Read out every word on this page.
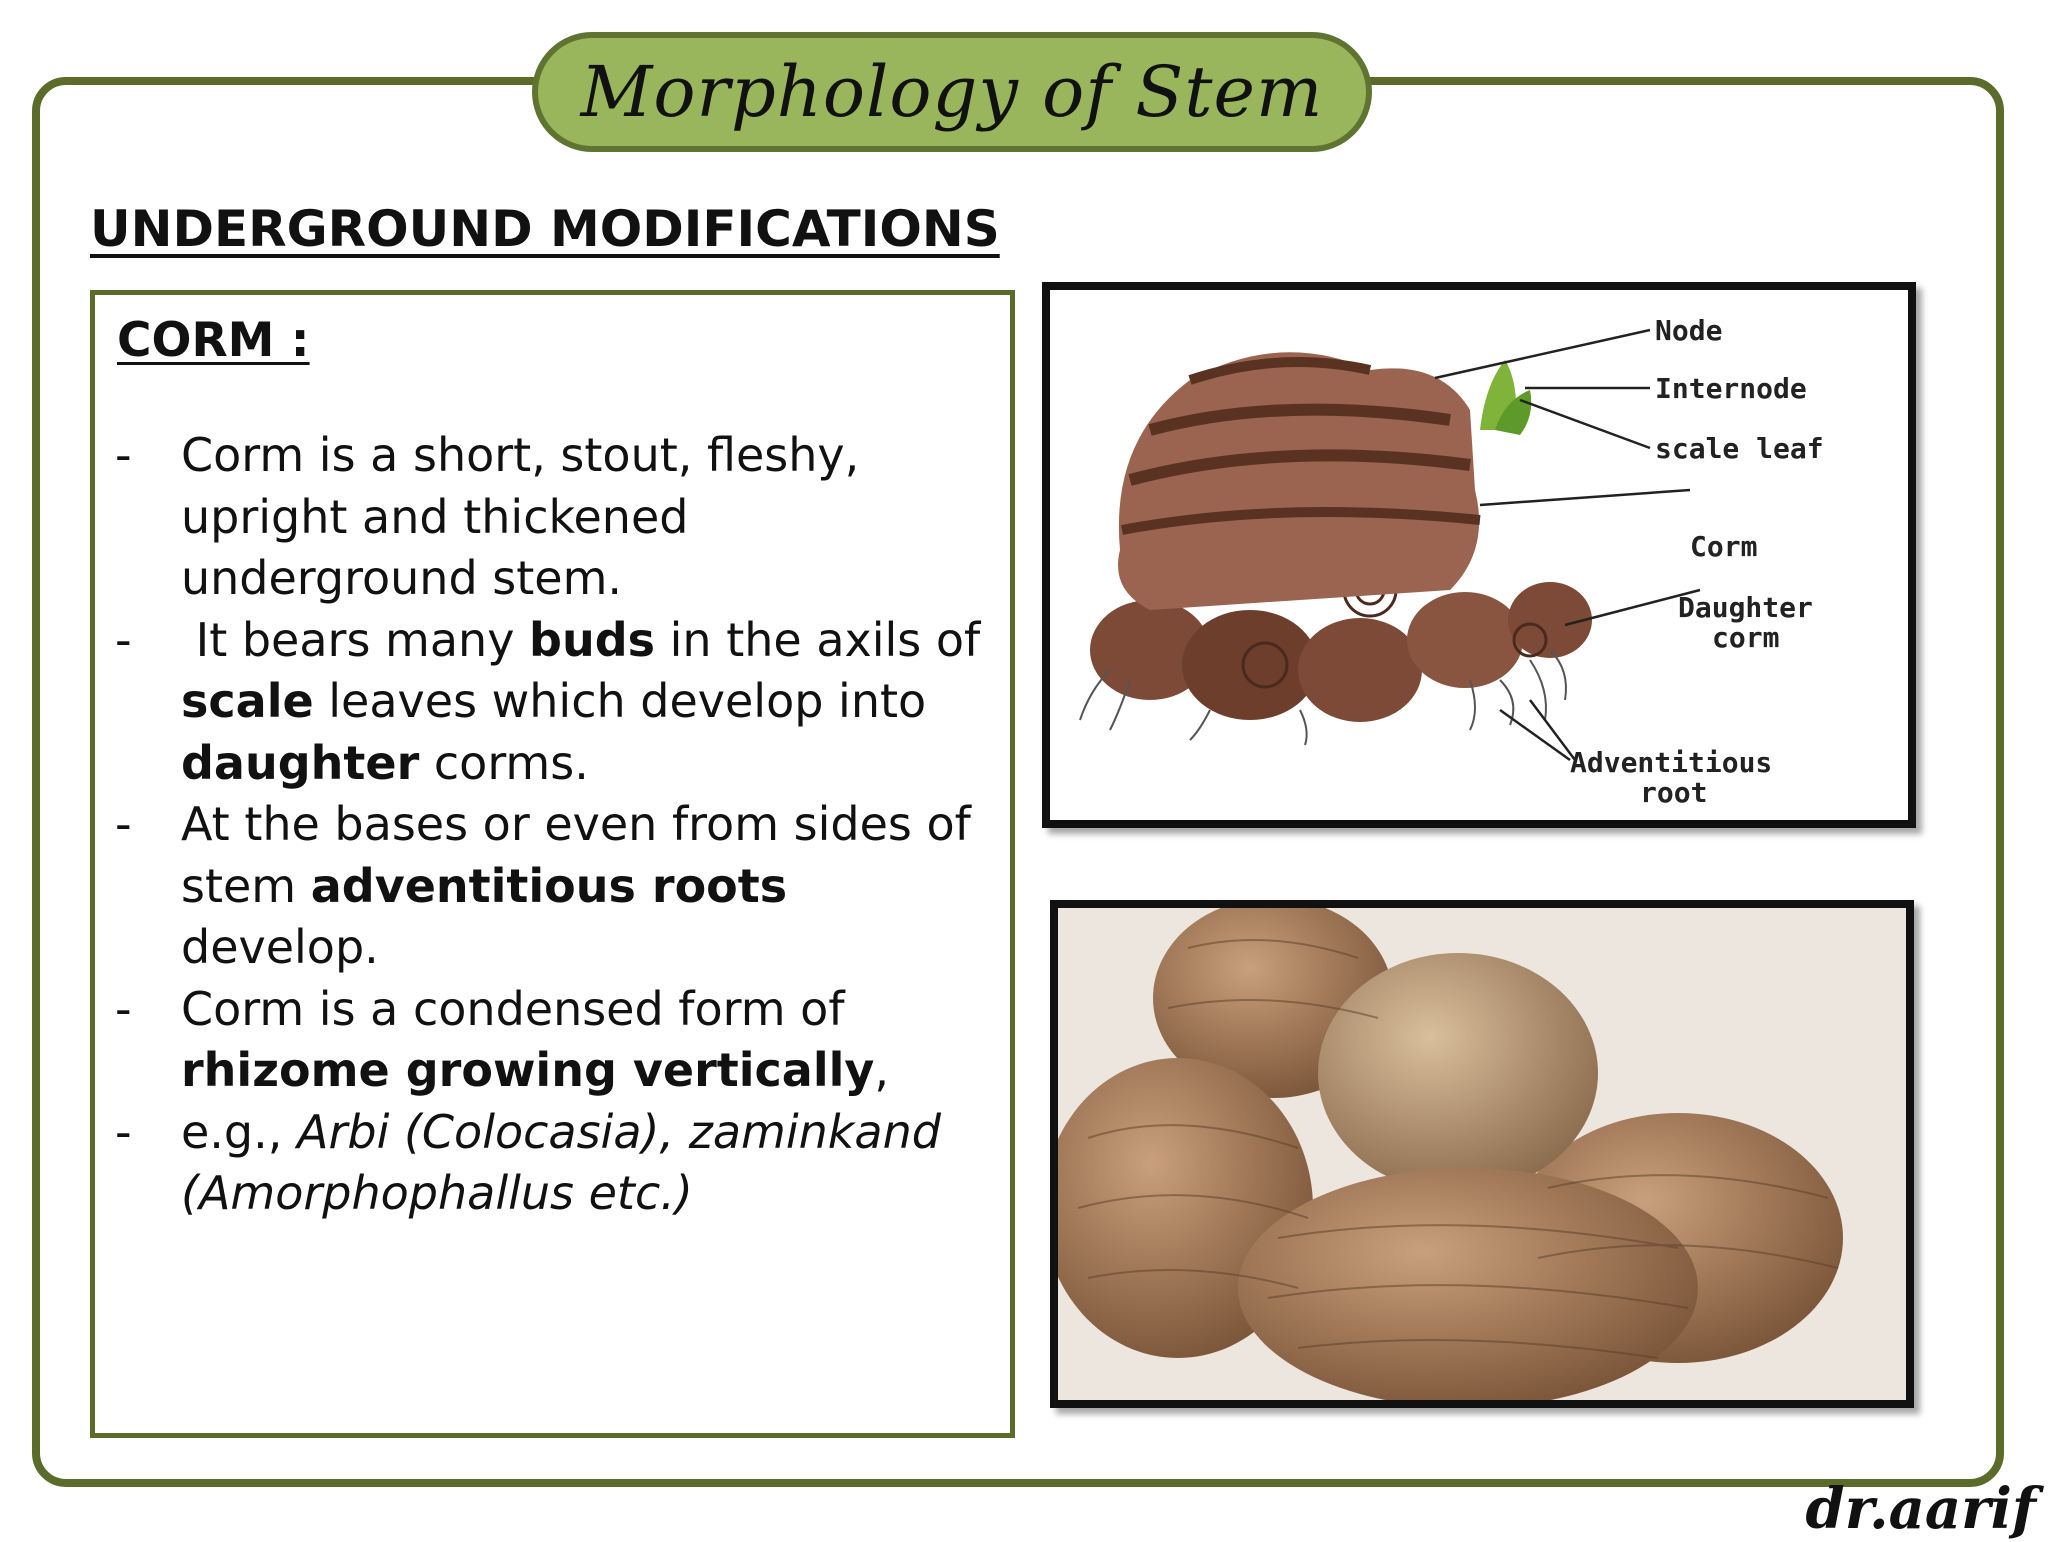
Morphology of Stem
UNDERGROUND MODIFICATIONS
CORM :
-	Corm is a short, stout, fleshy, upright and thickened underground stem.
-	It bears many buds in the axils of scale leaves which develop into daughter corms.
-	At the bases or even from sides of stem adventitious roots develop.
-	Corm is a condensed form of rhizome growing vertically,
-	e.g., Arbi (Colocasia), zaminkand (Amorphophallus etc.)
Node
Internode
scale leaf
Corm
Daughter
corm
Adventitious
root
dr.aarif
